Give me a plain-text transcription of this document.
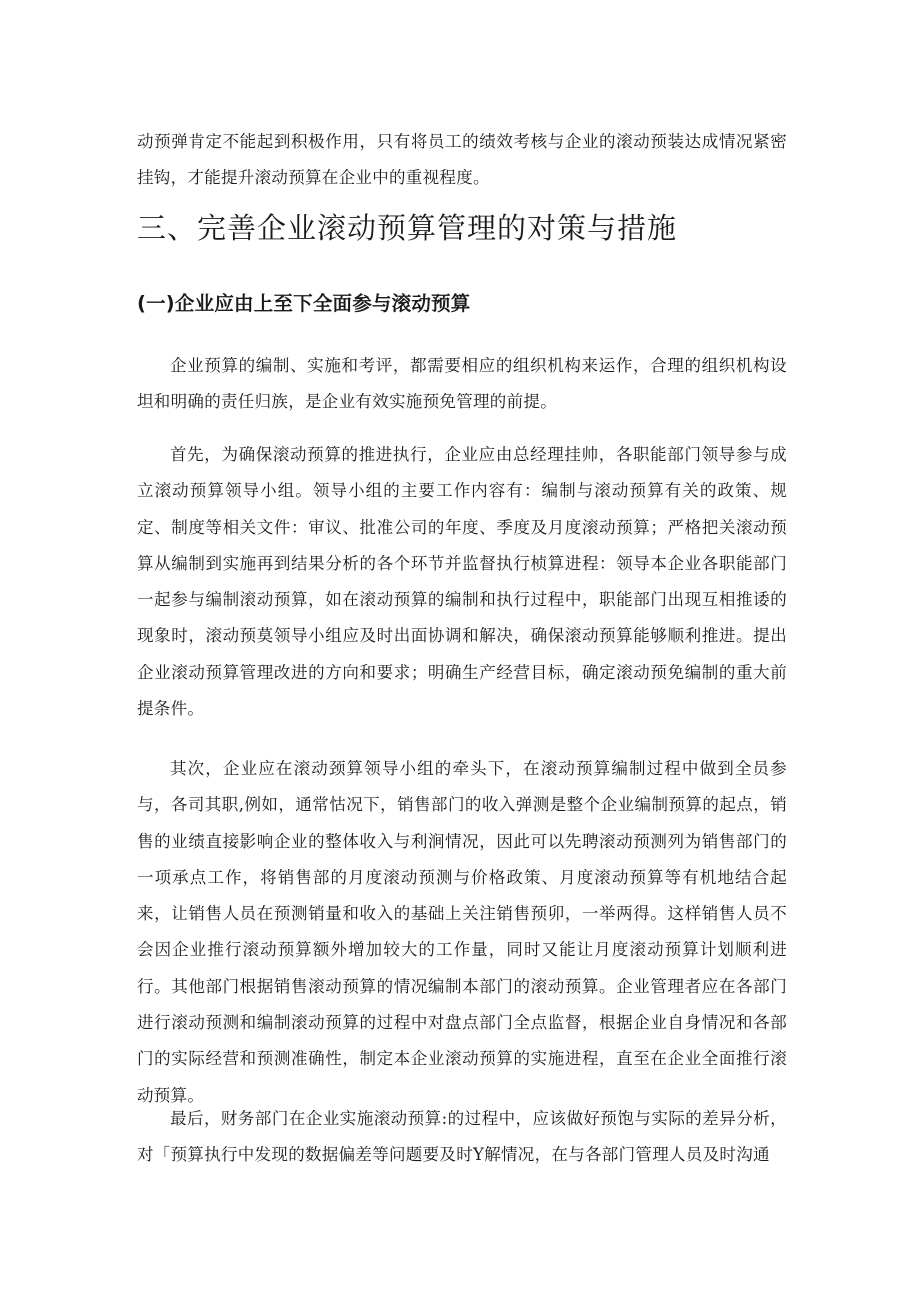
动预弹肯定不能起到积极作用，只有将员工的绩效考核与企业的滚动预装达成情况紧密挂钩，才能提升滚动预算在企业中的重视程度。

三、完善企业滚动预算管理的对策与措施
(一)企业应由上至下全面参与滚动预算

企业预算的编制、实施和考评，都需要相应的组织机构来运作，合理的组织机构设坦和明确的责任归族，是企业有效实施预免管理的前提。

首先，为确保滚动预算的推进执行，企业应由总经理挂帅，各职能部门领导参与成立滚动预算领导小组。领导小组的主要工作内容有：编制与滚动预算有关的政策、规定、制度等相关文件：审议、批准公司的年度、季度及月度滚动预算；严格把关滚动预算从编制到实施再到结果分析的各个环节并监督执行桢算进程：领导本企业各职能部门一起参与编制滚动预算，如在滚动预算的编制和执行过程中，职能部门出现互相推诿的现象时，滚动预莫领导小组应及时出面协调和解决，确保滚动预算能够顺利推进。提出企业滚动预算管理改进的方向和要求；明确生产经营目标，确定滚动预免编制的重大前提条件。

其次，企业应在滚动颈算领导小组的牵头下，在滚动预算编制过程中做到全员参与，各司其职,例如，通常怙况下，销售部门的收入弹测是整个企业编制预算的起点，销售的业绩直接影响企业的整体收入与利涧情况，因此可以先聘滚动预测列为销售部门的一项承点工作，将销售部的月度滚动预测与价格政策、月度滚动预算等有机地结合起来，让销售人员在预测销量和收入的基础上关注销售预卯，一举两得。这样销售人员不会因企业推行滚动预算额外增加较大的工作量，同时又能让月度滚动预算计划顺利进行。其他部门根据销售滚动预算的情况编制本部门的滚动预算。企业管理者应在各部门进行滚动预测和编制滚动预算的过程中对盘点部门全点监督，根据企业自身情况和各部门的实际经营和预测准确性，制定本企业滚动预算的实施进程，直至在企业全面推行滚动预算。

最后，财务部门在企业实施滚动预算:的过程中，应该做好预饱与实际的差异分析，对「预算执行中发现的数据偏差等问题要及时Y解情况，在与各部门管理人员及时沟通
